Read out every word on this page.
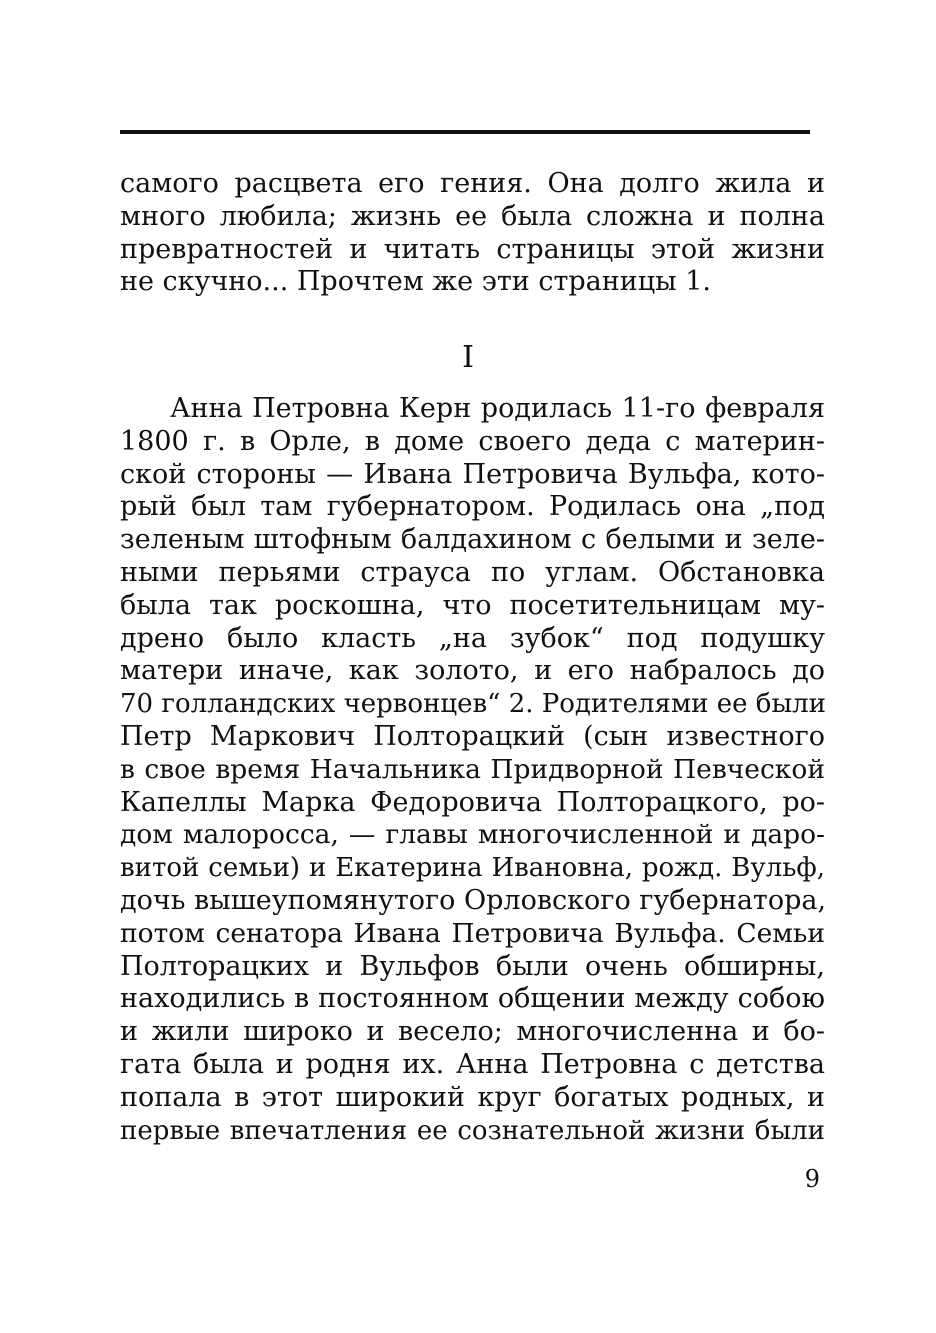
самого расцвета его гения. Она долго жила и
много любила; жизнь ее была сложна и полна
превратностей и читать страницы этой жизни
не скучно... Прочтем же эти страницы 1.
I
Анна Петровна Керн родилась 11-го февраля
1800 г. в Орле, в доме своего деда с материн-
ской стороны — Ивана Петровича Вульфа, кото-
рый был там губернатором. Родилась она „под
зеленым штофным балдахином с белыми и зеле-
ными перьями страуса по углам. Обстановка
была так роскошна, что посетительницам му-
дрено было класть „на зубок“ под подушку
матери иначе, как золото, и его набралось до
70 голландских червонцев“ 2. Родителями ее были
Петр Маркович Полторацкий (сын известного
в свое время Начальника Придворной Певческой
Капеллы Марка Федоровича Полторацкого, ро-
дом малоросса, — главы многочисленной и даро-
витой семьи) и Екатерина Ивановна, рожд. Вульф,
дочь вышеупомянутого Орловского губернатора,
потом сенатора Ивана Петровича Вульфа. Семьи
Полторацких и Вульфов были очень обширны,
находились в постоянном общении между собою
и жили широко и весело; многочисленна и бо-
гата была и родня их. Анна Петровна с детства
попала в этот широкий круг богатых родных, и
первые впечатления ее сознательной жизни были
9
